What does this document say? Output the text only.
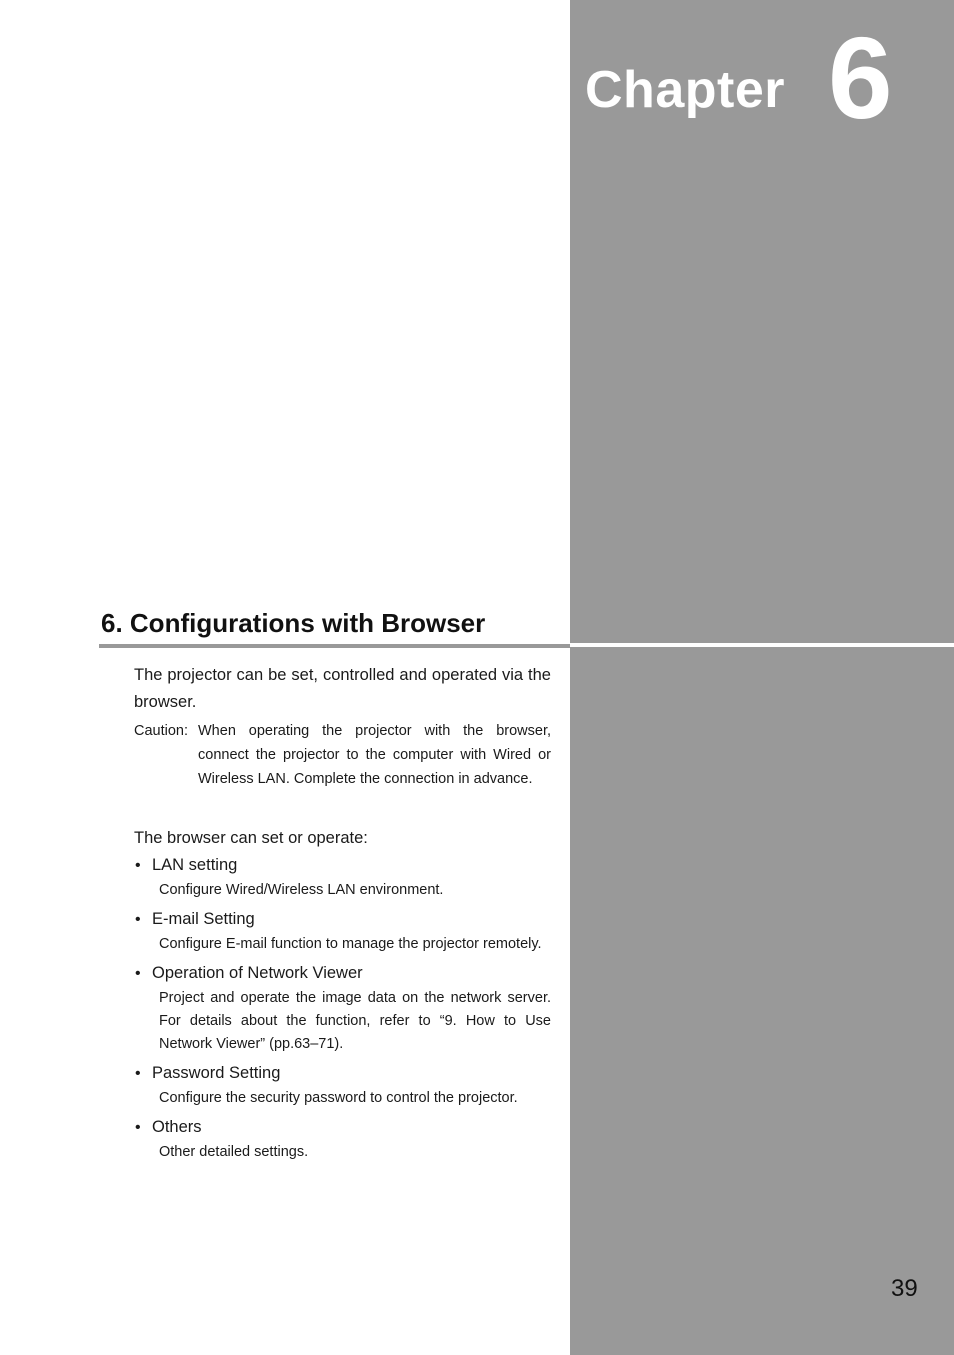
Chapter 6
6. Configurations with Browser

The projector can be set, controlled and operated via the browser.

Caution: When operating the projector with the browser, connect the projector to the computer with Wired or Wireless LAN. Complete the connection in advance.

The browser can set or operate:

• LAN setting

Configure Wired/Wireless LAN environment.

• E-mail Setting

Configure E-mail function to manage the projector remotely.

• Operation of Network Viewer

Project and operate the image data on the network server. For details about the function, refer to “9. How to Use Network Viewer” (pp.63–71).

• Password Setting

Configure the security password to control the projector.

• Others

Other detailed settings.

39
